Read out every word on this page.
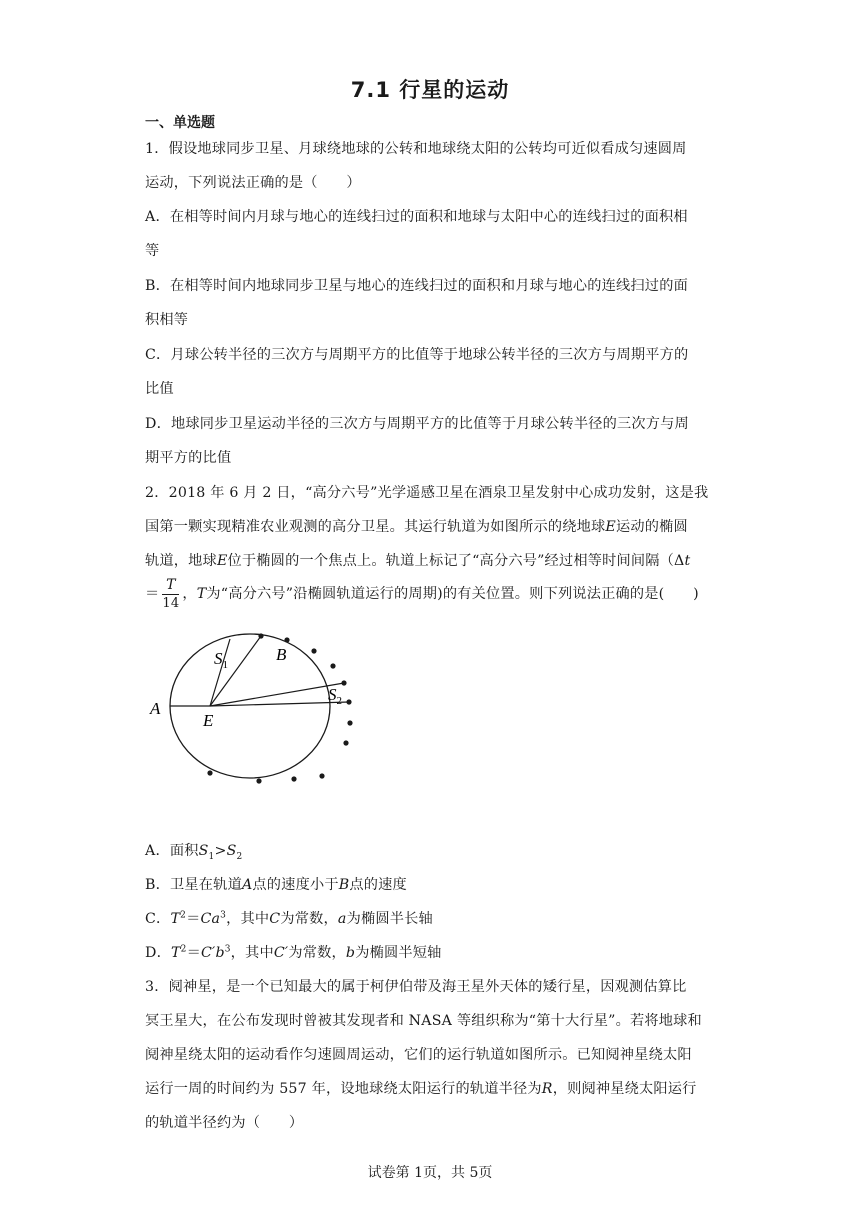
7.1 行星的运动
一、单选题
1．假设地球同步卫星、月球绕地球的公转和地球绕太阳的公转均可近似看成匀速圆周
运动，下列说法正确的是（　　）
A．在相等时间内月球与地心的连线扫过的面积和地球与太阳中心的连线扫过的面积相
等
B．在相等时间内地球同步卫星与地心的连线扫过的面积和月球与地心的连线扫过的面
积相等
C．月球公转半径的三次方与周期平方的比值等于地球公转半径的三次方与周期平方的
比值
D．地球同步卫星运动半径的三次方与周期平方的比值等于月球公转半径的三次方与周
期平方的比值
2．2018 年 6 月 2 日，“高分六号”光学遥感卫星在酒泉卫星发射中心成功发射，这是我
国第一颗实现精准农业观测的高分卫星。其运行轨道为如图所示的绕地球E运动的椭圆
轨道，地球E位于椭圆的一个焦点上。轨道上标记了“高分六号”经过相等时间间隔（Δt
＝ $\frac{T}{14}$ ，T为“高分六号”沿椭圆轨道运行的周期)的有关位置。则下列说法正确的是(　　)
A
E
B
$S_1$
$S_2$
A．面积$S_1>S_2$
B．卫星在轨道A点的速度小于B点的速度
C．$T^2=Ca^3$，其中C为常数，a为椭圆半长轴
D．$T^2=C'b^3$，其中C′为常数，b为椭圆半短轴
3．阋神星，是一个已知最大的属于柯伊伯带及海王星外天体的矮行星，因观测估算比
冥王星大，在公布发现时曾被其发现者和 NASA 等组织称为“第十大行星”。若将地球和
阋神星绕太阳的运动看作匀速圆周运动，它们的运行轨道如图所示。已知阋神星绕太阳
运行一周的时间约为 557 年，设地球绕太阳运行的轨道半径为R，则阋神星绕太阳运行
的轨道半径约为（　　）
试卷第 1页，共 5页
